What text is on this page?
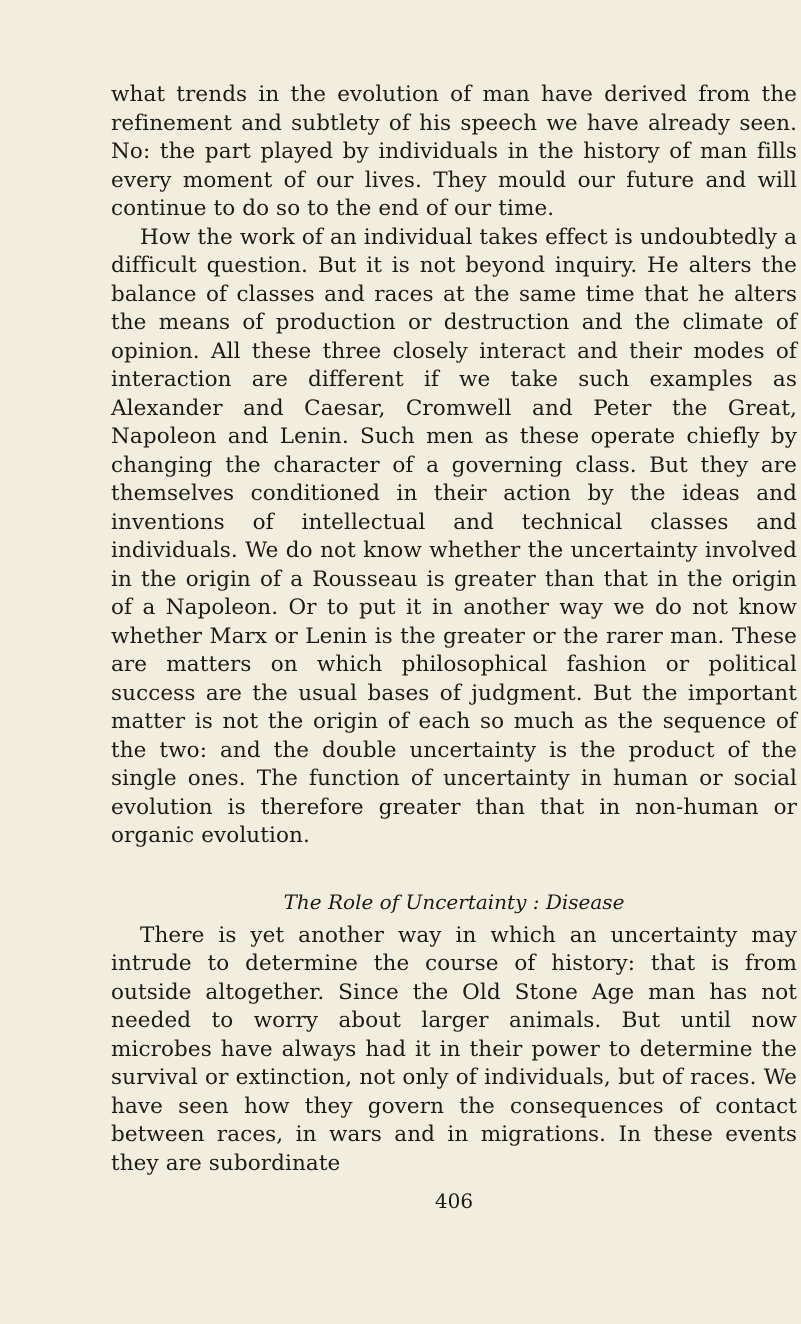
what trends in the evolution of man have derived from the refinement and subtlety of his speech we have already seen. No: the part played by individuals in the history of man fills every moment of our lives. They mould our future and will continue to do so to the end of our time.

How the work of an individual takes effect is undoubtedly a difficult question. But it is not beyond inquiry. He alters the balance of classes and races at the same time that he alters the means of production or destruction and the climate of opinion. All these three closely interact and their modes of interaction are different if we take such examples as Alexander and Caesar, Cromwell and Peter the Great, Napoleon and Lenin. Such men as these operate chiefly by changing the character of a governing class. But they are themselves conditioned in their action by the ideas and inventions of intellectual and technical classes and individuals. We do not know whether the uncertainty involved in the origin of a Rousseau is greater than that in the origin of a Napoleon. Or to put it in another way we do not know whether Marx or Lenin is the greater or the rarer man. These are matters on which philosophical fashion or political success are the usual bases of judgment. But the important matter is not the origin of each so much as the sequence of the two: and the double uncertainty is the product of the single ones. The function of uncertainty in human or social evolution is therefore greater than that in non-human or organic evolution.

The Role of Uncertainty : Disease

There is yet another way in which an uncertainty may intrude to determine the course of history: that is from outside altogether. Since the Old Stone Age man has not needed to worry about larger animals. But until now microbes have always had it in their power to determine the survival or extinction, not only of individuals, but of races. We have seen how they govern the consequences of contact between races, in wars and in migrations. In these events they are subordinate

406
